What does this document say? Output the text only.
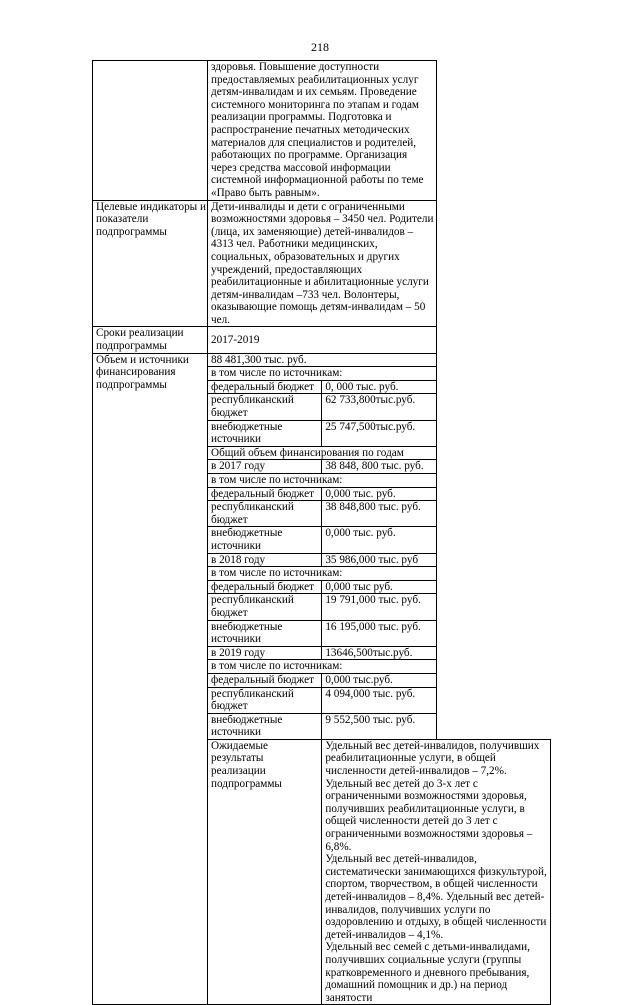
218
	здоровья. Повышение доступности предоставляемых реабилитационных услуг детям-инвалидам и их семьям. Проведение системного мониторинга по этапам и годам реализации программы. Подготовка и распространение печатных методических материалов для специалистов и родителей, работающих по программе. Организация через средства массовой информации системной информационной работы по теме «Право быть равным».	
Целевые индикаторы и показатели подпрограммы	Дети-инвалиды и дети с ограниченными возможностями здоровья – 3450 чел. Родители (лица, их заменяющие) детей-инвалидов – 4313 чел. Работники медицинских, социальных, образовательных и других учреждений, предоставляющих реабилитационные и абилитационные услуги детям-инвалидам –733 чел. Волонтеры, оказывающие помощь детям-инвалидам – 50 чел.	
Сроки реализации подпрограммы	2017-2019	
Объем и источники финансирования подпрограммы	88 481,300 тыс. руб.	
	в том числе по источникам:	
	федеральный бюджет	0, 000 тыс. руб.
	республиканский бюджет	62 733,800тыс.руб.
	внебюджетные источники	25 747,500тыс.руб.
	Общий объем финансирования по годам	
	в 2017 году	38 848, 800 тыс. руб.
	в том числе по источникам:	
	федеральный бюджет	0,000 тыс. руб.
	республиканский бюджет	38 848,800 тыс. руб.
	внебюджетные источники	0,000 тыс. руб.
	в 2018 году	35 986,000 тыс. руб
	в том числе по источникам:	
	федеральный бюджет	0,000 тыс руб.
	республиканский бюджет	19 791,000 тыс. руб.
	внебюджетные источники	16 195,000 тыс. руб.
	в 2019 году	13646,500тыс.руб.
	в том числе по источникам:	
	федеральный бюджет	0,000 тыс.руб.
	республиканский бюджет	4 094,000 тыс. руб.
	внебюджетные источники	9 552,500 тыс. руб.
	Ожидаемые результаты реализации подпрограммы	Удельный вес детей-инвалидов, получивших реабилитационные услуги, в общей численности детей-инвалидов – 7,2%.
Удельный вес детей до 3-х лет с ограниченными возможностями здоровья, получивших реабилитационные услуги, в общей численности детей до 3 лет с ограниченными возможностями здоровья – 6,8%.
Удельный вес детей-инвалидов, систематически занимающихся физкультурой, спортом, творчеством, в общей численности детей-инвалидов – 8,4%. Удельный вес детей-инвалидов, получивших услуги по оздоровлению и отдыху, в общей численности детей-инвалидов – 4,1%.
Удельный вес семей с детьми-инвалидами, получивших социальные услуги (группы кратковременного и дневного пребывания, домашний помощник и др.) на период занятости
